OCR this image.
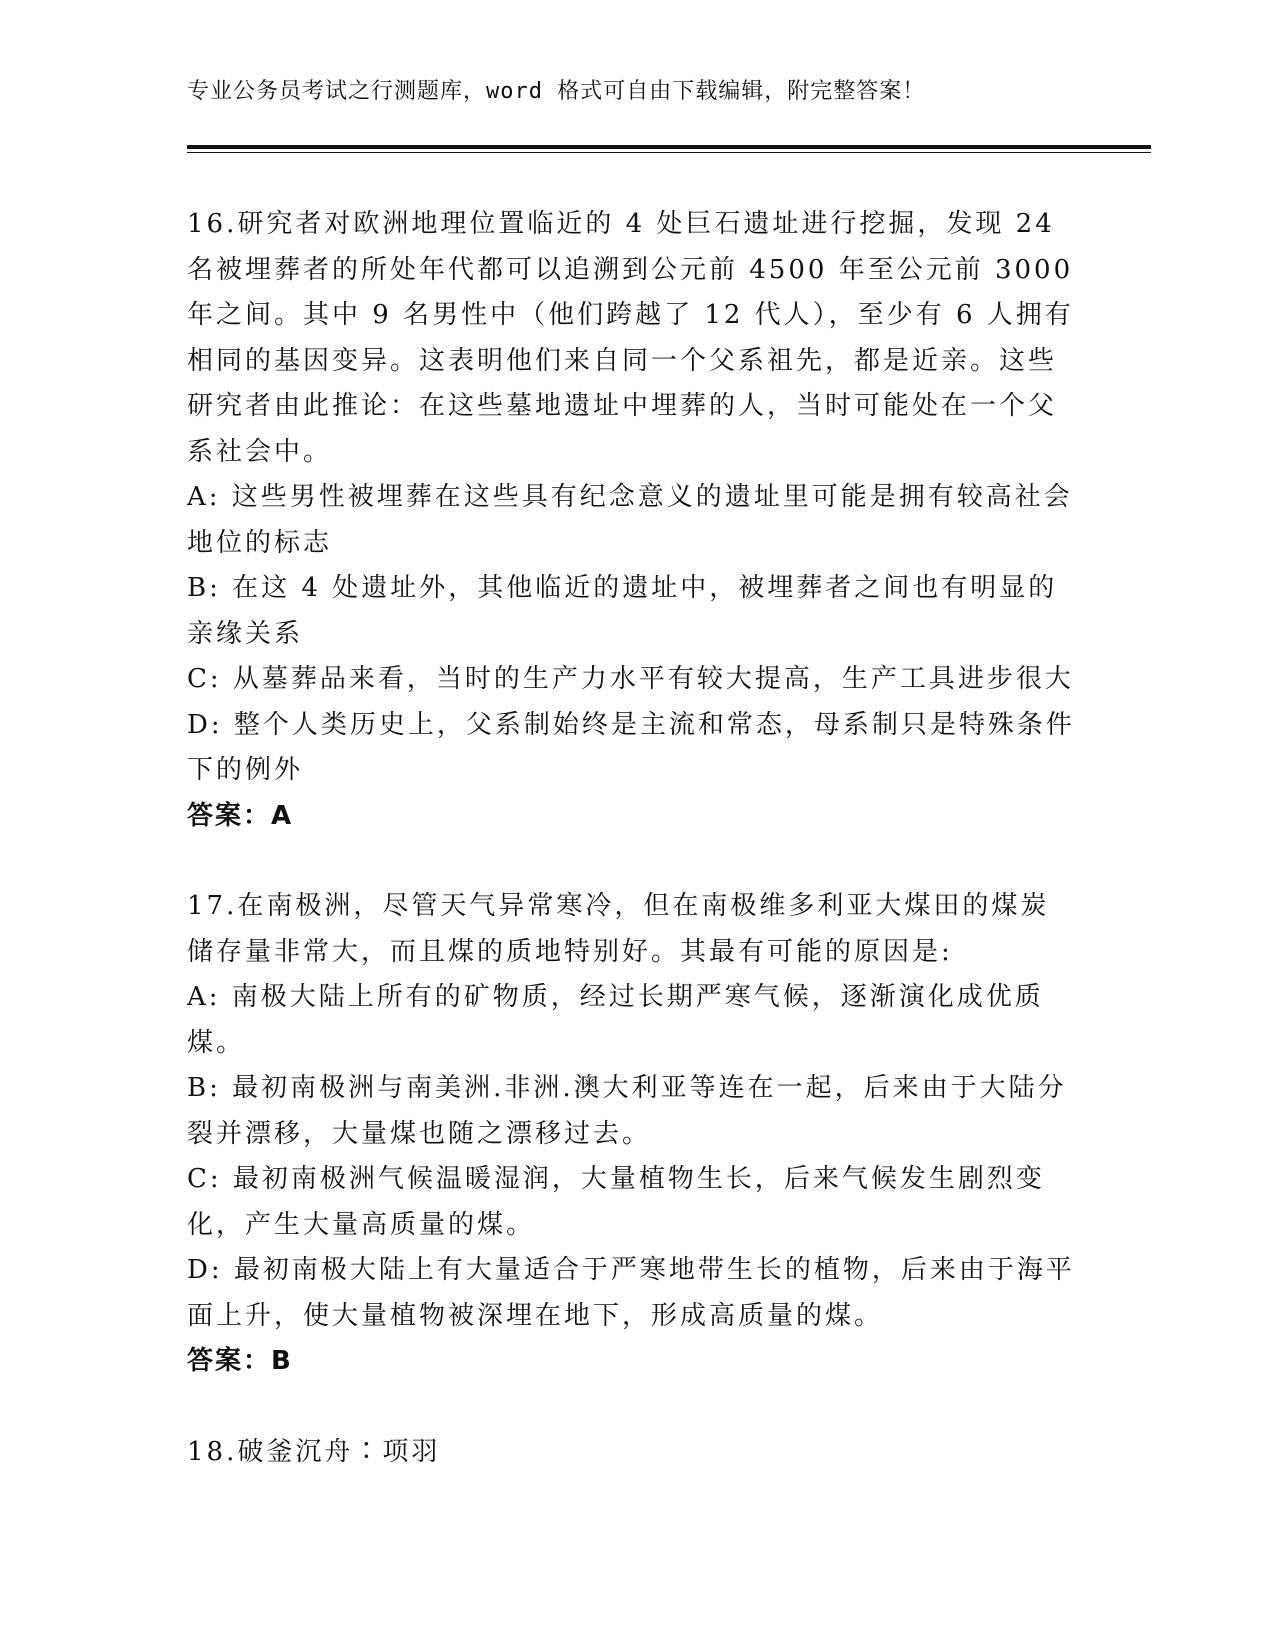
专业公务员考试之行测题库，word 格式可自由下载编辑，附完整答案！

16.研究者对欧洲地理位置临近的 4 处巨石遗址进行挖掘，发现 24 名被埋葬者的所处年代都可以追溯到公元前 4500 年至公元前 3000 年之间。其中 9 名男性中（他们跨越了 12 代人），至少有 6 人拥有相同的基因变异。这表明他们来自同一个父系祖先，都是近亲。这些研究者由此推论：在这些墓地遗址中埋葬的人，当时可能处在一个父系社会中。

A: 这些男性被埋葬在这些具有纪念意义的遗址里可能是拥有较高社会地位的标志

B: 在这 4 处遗址外，其他临近的遗址中，被埋葬者之间也有明显的亲缘关系

C: 从墓葬品来看，当时的生产力水平有较大提高，生产工具进步很大

D: 整个人类历史上，父系制始终是主流和常态，母系制只是特殊条件下的例外

答案：A

17.在南极洲，尽管天气异常寒冷，但在南极维多利亚大煤田的煤炭储存量非常大，而且煤的质地特别好。其最有可能的原因是:

A: 南极大陆上所有的矿物质，经过长期严寒气候，逐渐演化成优质煤。

B: 最初南极洲与南美洲.非洲.澳大利亚等连在一起，后来由于大陆分裂并漂移，大量煤也随之漂移过去。

C: 最初南极洲气候温暖湿润，大量植物生长，后来气候发生剧烈变化，产生大量高质量的煤。

D: 最初南极大陆上有大量适合于严寒地带生长的植物，后来由于海平面上升，使大量植物被深埋在地下，形成高质量的煤。

答案：B

18.破釜沉舟∶项羽
